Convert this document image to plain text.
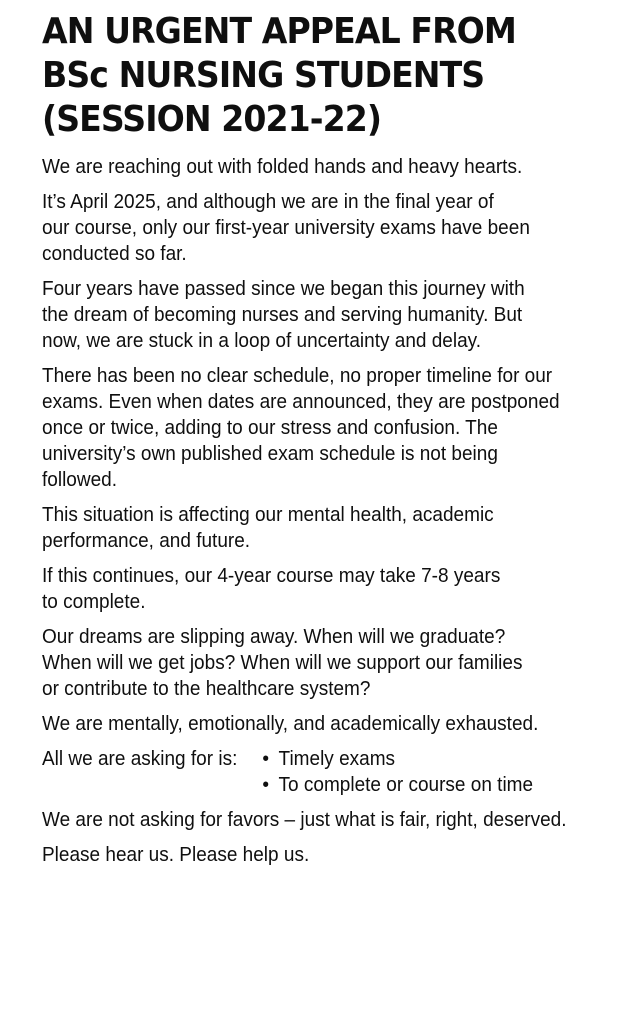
AN URGENT APPEAL FROM
BSc NURSING STUDENTS
(SESSION 2021-22)

We are reaching out with folded hands and heavy hearts.

It’s April 2025, and although we are in the final year of
our course, only our first-year university exams have been
conducted so far.

Four years have passed since we began this journey with
the dream of becoming nurses and serving humanity. But
now, we are stuck in a loop of uncertainty and delay.

There has been no clear schedule, no proper timeline for our
exams. Even when dates are announced, they are postponed
once or twice, adding to our stress and confusion. The
university’s own published exam schedule is not being
followed.

This situation is affecting our mental health, academic
performance, and future.

If this continues, our 4-year course may take 7-8 years
to complete.

Our dreams are slipping away. When will we graduate?
When will we get jobs? When will we support our families
or contribute to the healthcare system?

We are mentally, emotionally, and academically exhausted.

All we are asking for is:	• Timely exams
• To complete or course on time

We are not asking for favors – just what is fair, right, deserved.

Please hear us. Please help us.
